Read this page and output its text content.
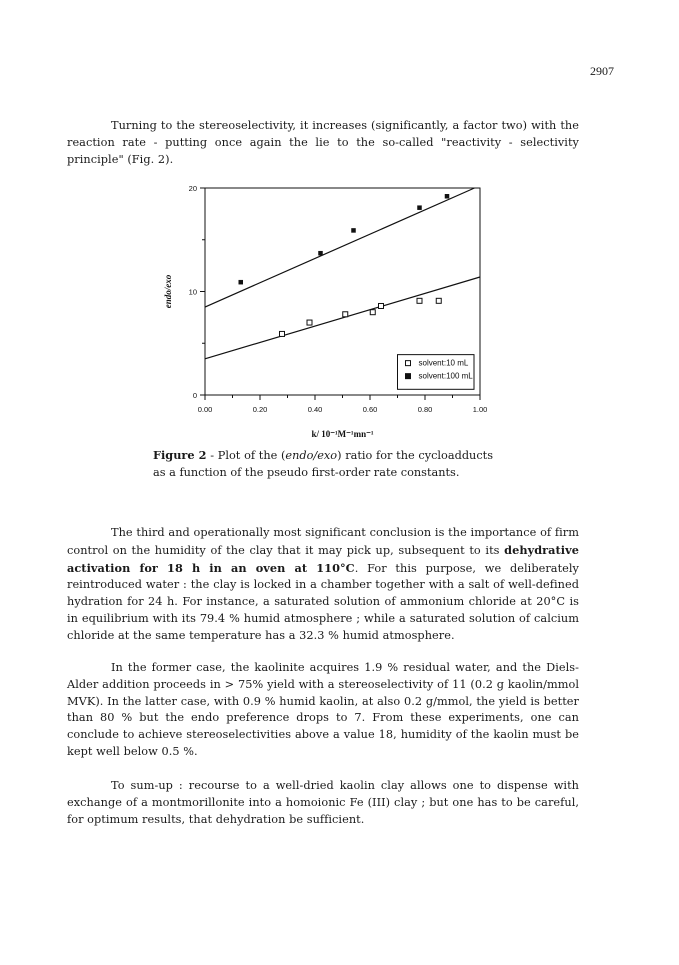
2907

Turning to the stereoselectivity, it increases (significantly, a factor two) with the reaction rate - putting once again the lie to the so-called "reactivity - selectivity principle" (Fig. 2).

0.00	0.20	0.40	0.60	0.80	1.00
0
10
20
k/ 10⁻¹M⁻¹mn⁻¹
endo/exo
solvent:10 mL
solvent:100 mL
Figure 2 - Plot of the (endo/exo) ratio for the cycloadducts as a function of the pseudo first-order rate constants.

The third and operationally most significant conclusion is the importance of firm control on the humidity of the clay that it may pick up, subsequent to its dehydrative activation for 18 h in an oven at 110°C. For this purpose, we deliberately reintroduced water : the clay is locked in a chamber together with a salt of well-defined hydration for 24 h. For instance, a saturated solution of ammonium chloride at 20°C is in equilibrium with its 79.4 % humid atmosphere ; while a saturated solution of calcium chloride at the same temperature has a 32.3 % humid atmosphere.

In the former case, the kaolinite acquires 1.9 % residual water, and the Diels-Alder addition proceeds in > 75% yield with a stereoselectivity of 11 (0.2 g kaolin/mmol MVK). In the latter case, with 0.9 % humid kaolin, at also 0.2 g/mmol, the yield is better than 80 % but the endo preference drops to 7. From these experiments, one can conclude to achieve stereoselectivities above a value 18, humidity of the kaolin must be kept well below 0.5 %.

To sum-up : recourse to a well-dried kaolin clay allows one to dispense with exchange of a montmorillonite into a homoionic Fe (III) clay ; but one has to be careful, for optimum results, that dehydration be sufficient.
